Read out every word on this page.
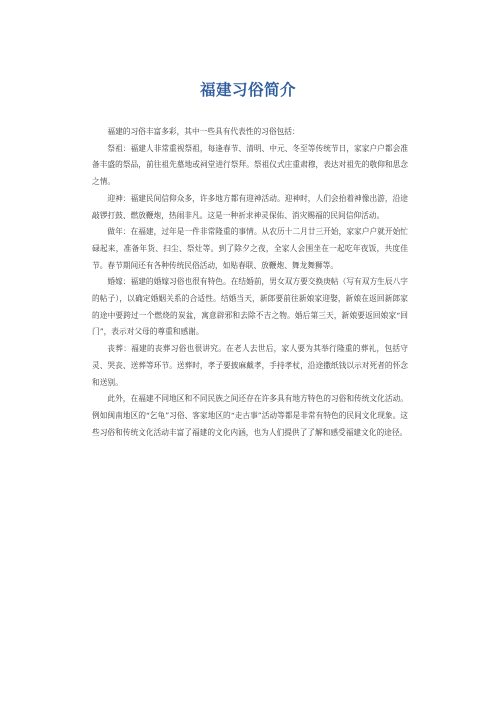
福建习俗简介

福建的习俗丰富多彩，其中一些具有代表性的习俗包括：

祭祖：福建人非常重视祭祖，每逢春节、清明、中元、冬至等传统节日，家家户户都会准备丰盛的祭品，前往祖先墓地或祠堂进行祭拜。祭祖仪式庄重肃穆，表达对祖先的敬仰和思念之情。

迎神：福建民间信仰众多，许多地方都有迎神活动。迎神时，人们会抬着神像出游，沿途敲锣打鼓、燃放鞭炮，热闹非凡。这是一种祈求神灵保佑、消灾赐福的民间信仰活动。

做年：在福建，过年是一件非常隆重的事情。从农历十二月廿三开始，家家户户就开始忙碌起来，准备年货、扫尘、祭灶等。到了除夕之夜，全家人会围坐在一起吃年夜饭，共度佳节。春节期间还有各种传统民俗活动，如贴春联、放鞭炮、舞龙舞狮等。

婚嫁：福建的婚嫁习俗也很有特色。在结婚前，男女双方要交换庚帖（写有双方生辰八字的帖子），以确定婚姻关系的合适性。结婚当天，新郎要前往新娘家迎娶，新娘在返回新郎家的途中要跨过一个燃烧的炭盆，寓意辟邪和去除不吉之物。婚后第三天，新娘要返回娘家“回门”，表示对父母的尊重和感谢。

丧葬：福建的丧葬习俗也很讲究。在老人去世后，家人要为其举行隆重的葬礼，包括守灵、哭丧、送葬等环节。送葬时，孝子要披麻戴孝，手持孝杖，沿途撒纸钱以示对死者的怀念和送别。

此外，在福建不同地区和不同民族之间还存在许多具有地方特色的习俗和传统文化活动。例如闽南地区的“乞龟”习俗、客家地区的“走古事”活动等都是非常有特色的民间文化现象。这些习俗和传统文化活动丰富了福建的文化内涵，也为人们提供了了解和感受福建文化的途径。
